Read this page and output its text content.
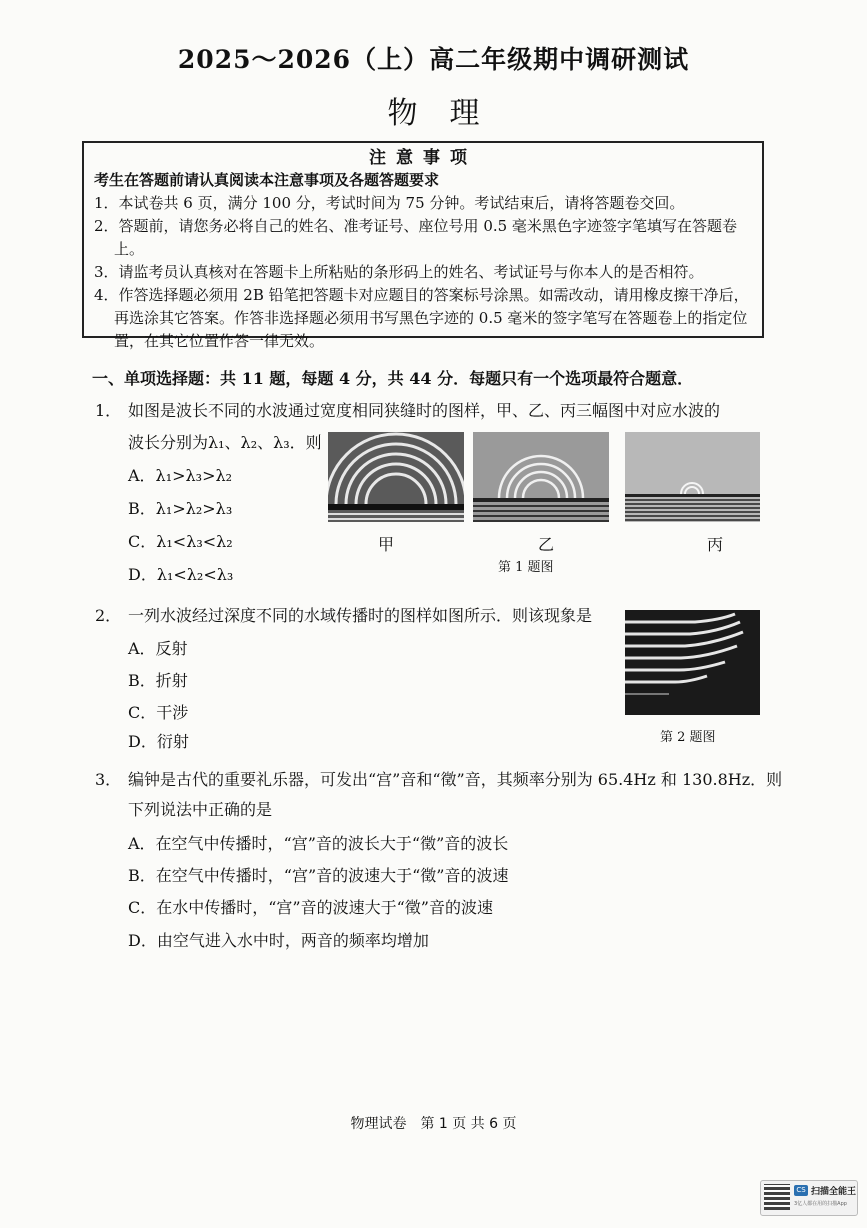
2025～2026（上）高二年级期中调研测试
物理
注意事项
考生在答题前请认真阅读本注意事项及各题答题要求
1．本试卷共 6 页，满分 100 分，考试时间为 75 分钟。考试结束后，请将答题卷交回。
2．答题前，请您务必将自己的姓名、准考证号、座位号用 0.5 毫米黑色字迹签字笔填写在答题卷上。
3．请监考员认真核对在答题卡上所粘贴的条形码上的姓名、考试证号与你本人的是否相符。
4．作答选择题必须用 2B 铅笔把答题卡对应题目的答案标号涂黑。如需改动，请用橡皮擦干净后，再选涂其它答案。作答非选择题必须用书写黑色字迹的 0.5 毫米的签字笔写在答题卷上的指定位置，在其它位置作答一律无效。
一、单项选择题：共 11 题，每题 4 分，共 44 分．每题只有一个选项最符合题意．
1． 如图是波长不同的水波通过宽度相同狭缝时的图样，甲、乙、丙三幅图中对应水波的
波长分别为λ₁、λ₂、λ₃．则
A．λ₁>λ₃>λ₂
B．λ₁>λ₂>λ₃
C．λ₁<λ₃<λ₂
D．λ₁<λ₂<λ₃
甲	乙	丙
第 1 题图
2． 一列水波经过深度不同的水域传播时的图样如图所示．则该现象是
A．反射
B．折射
C．干涉
D．衍射	第 2 题图
3． 编钟是古代的重要礼乐器，可发出“宫”音和“徵”音，其频率分别为 65.4Hz 和 130.8Hz．则
下列说法中正确的是
A．在空气中传播时，“宫”音的波长大于“徵”音的波长
B．在空气中传播时，“宫”音的波速大于“徵”音的波速
C．在水中传播时，“宫”音的波速大于“徵”音的波速
D．由空气进入水中时，两音的频率均增加
物理试卷　第 1 页 共 6 页
CS 扫描全能王
3亿人都在用的扫描App
